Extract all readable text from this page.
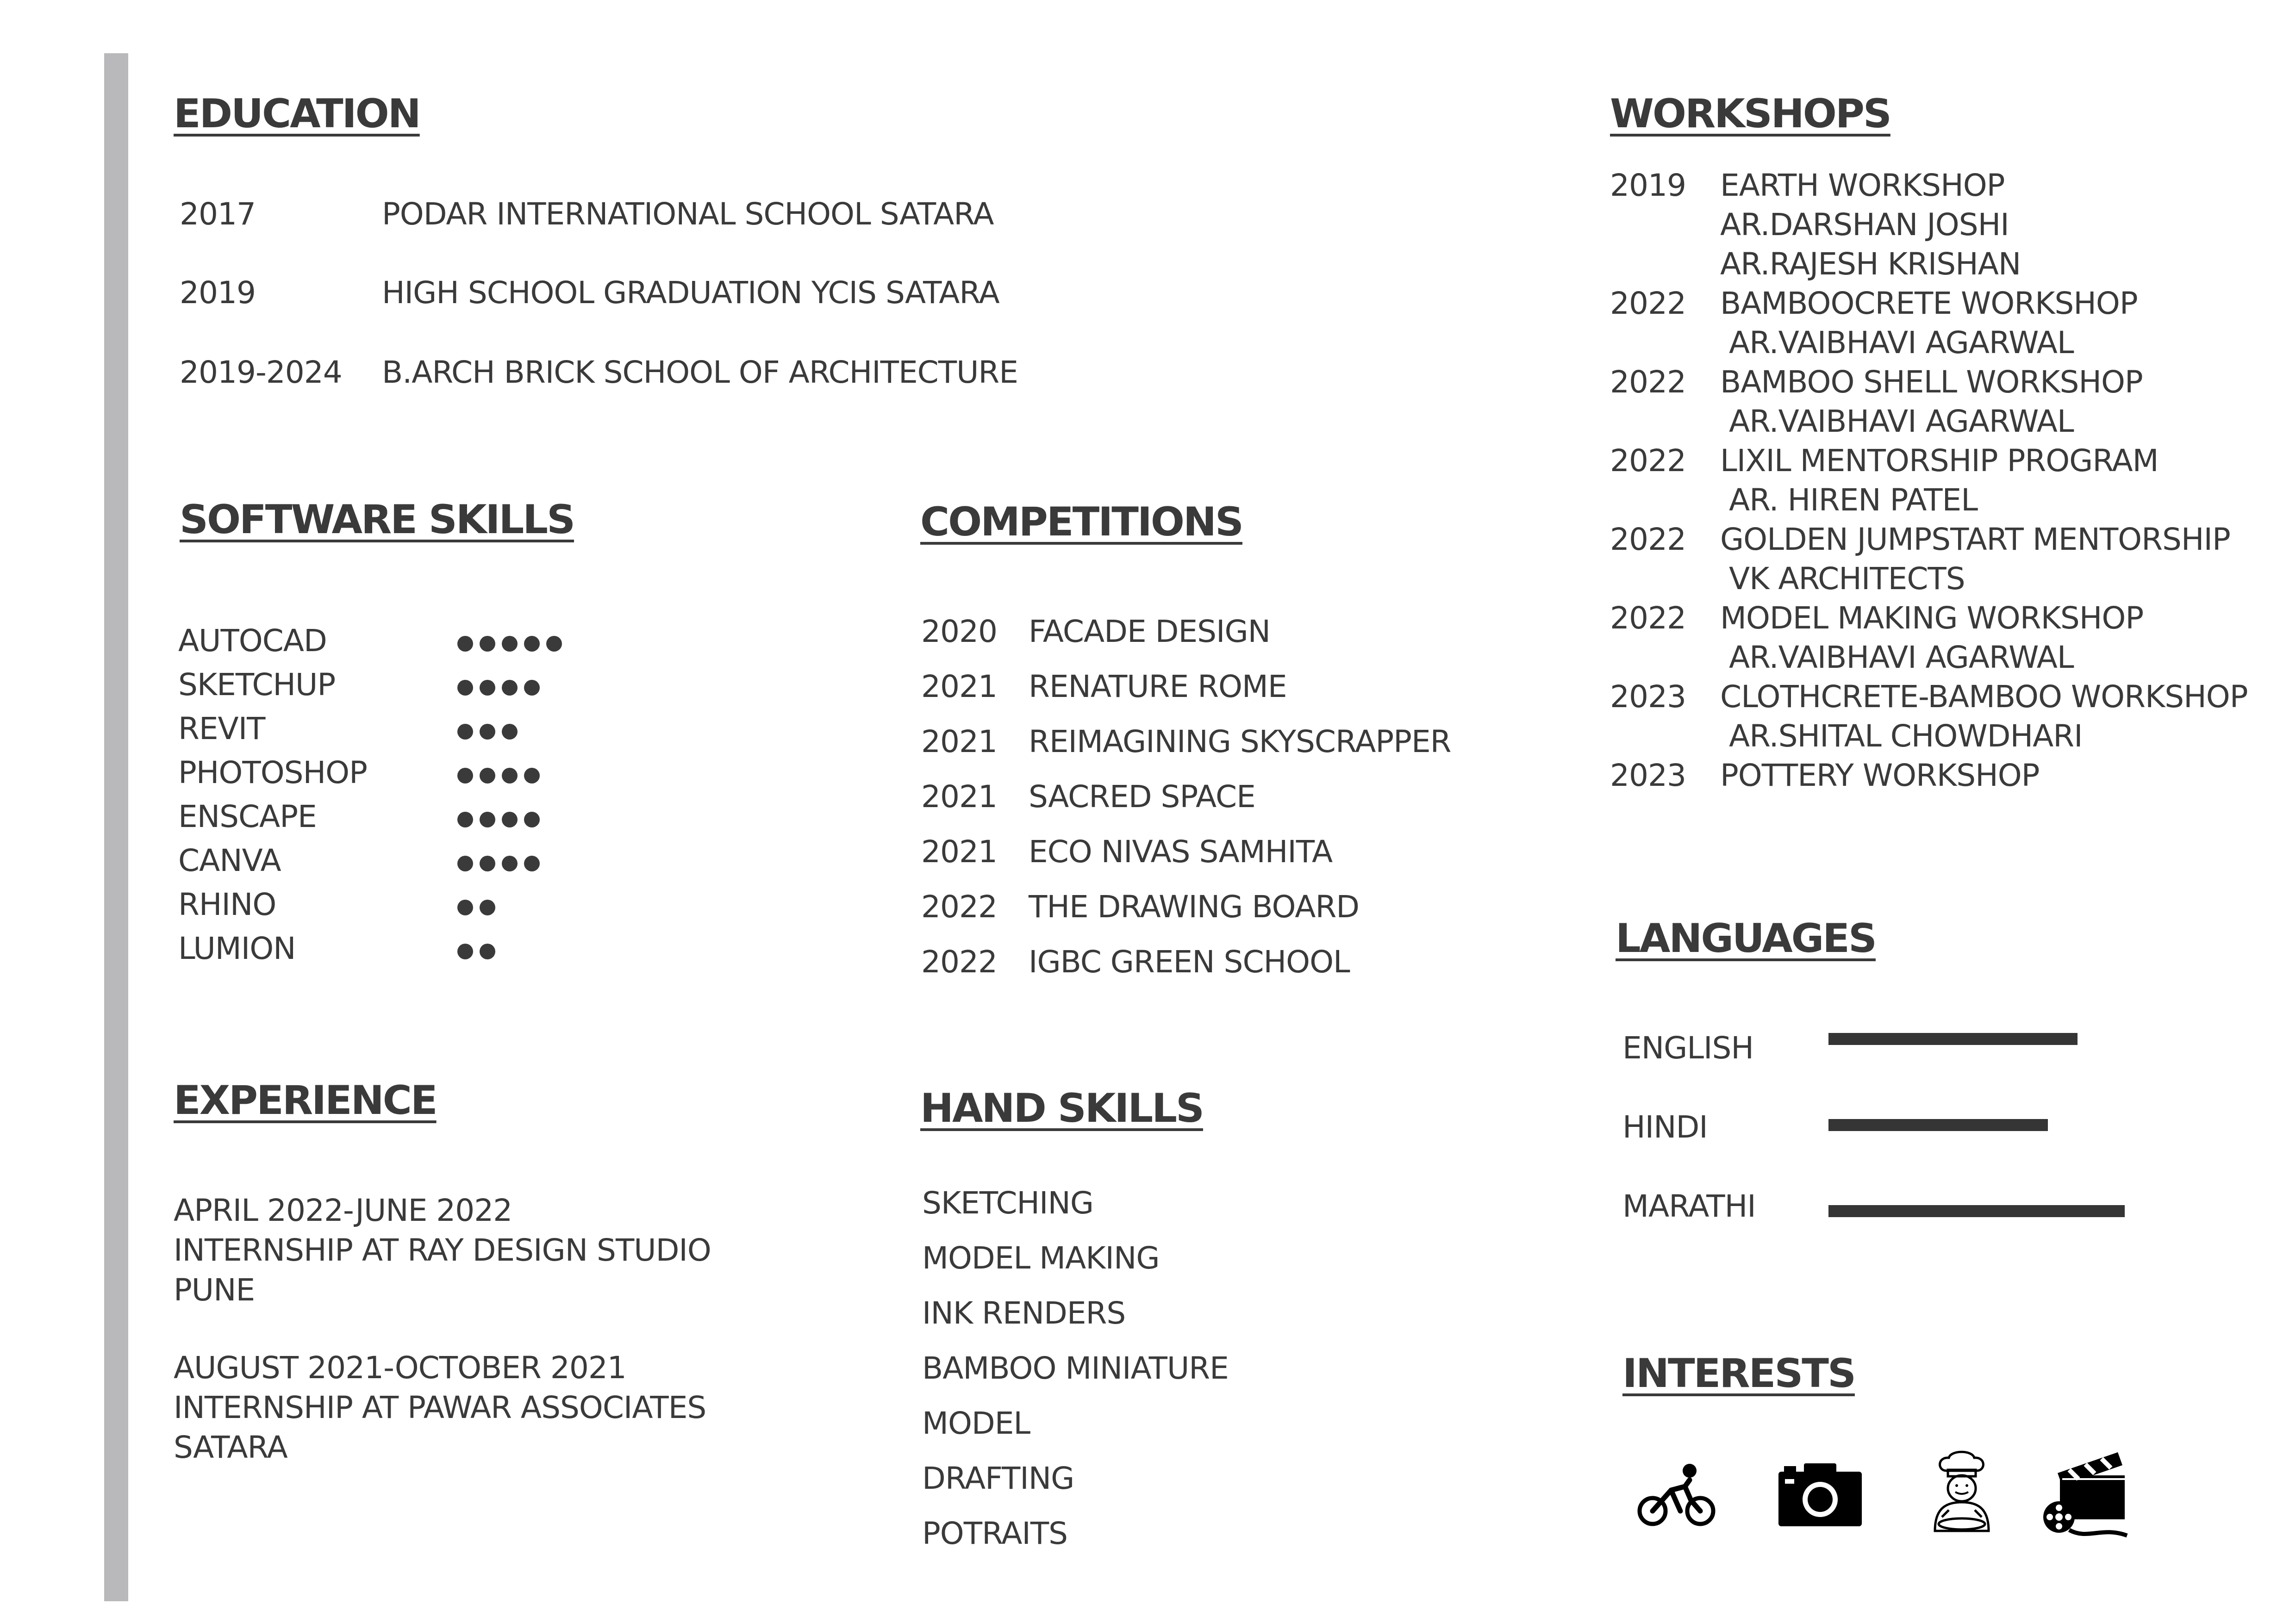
EDUCATION
2017	PODAR INTERNATIONAL SCHOOL SATARA
2019	HIGH SCHOOL GRADUATION YCIS SATARA
2019-2024 B.ARCH BRICK SCHOOL OF ARCHITECTURE
SOFTWARE SKILLS
AUTOCAD
SKETCHUP
REVIT
PHOTOSHOP
ENSCAPE
CANVA
RHINO
LUMION
EXPERIENCE
APRIL 2022-JUNE 2022
INTERNSHIP AT RAY DESIGN STUDIO
PUNE
AUGUST 2021-OCTOBER 2021
INTERNSHIP AT PAWAR ASSOCIATES
SATARA
COMPETITIONS
2020 FACADE DESIGN
2021 RENATURE ROME
2021 REIMAGINING SKYSCRAPPER
2021 SACRED SPACE
2021 ECO NIVAS SAMHITA
2022 THE DRAWING BOARD
2022 IGBC GREEN SCHOOL
HAND SKILLS
SKETCHING
MODEL MAKING
INK RENDERS
BAMBOO MINIATURE
MODEL
DRAFTING
POTRAITS
WORKSHOPS
2019 EARTH WORKSHOP
AR.DARSHAN JOSHI
AR.RAJESH KRISHAN
2022 BAMBOOCRETE WORKSHOP
AR.VAIBHAVI AGARWAL
2022 BAMBOO SHELL WORKSHOP
AR.VAIBHAVI AGARWAL
2022 LIXIL MENTORSHIP PROGRAM
AR. HIREN PATEL
2022 GOLDEN JUMPSTART MENTORSHIP
VK ARCHITECTS
2022 MODEL MAKING WORKSHOP
AR.VAIBHAVI AGARWAL
2023 CLOTHCRETE-BAMBOO WORKSHOP
AR.SHITAL CHOWDHARI
2023 POTTERY WORKSHOP
LANGUAGES
ENGLISH
HINDI
MARATHI
INTERESTS
